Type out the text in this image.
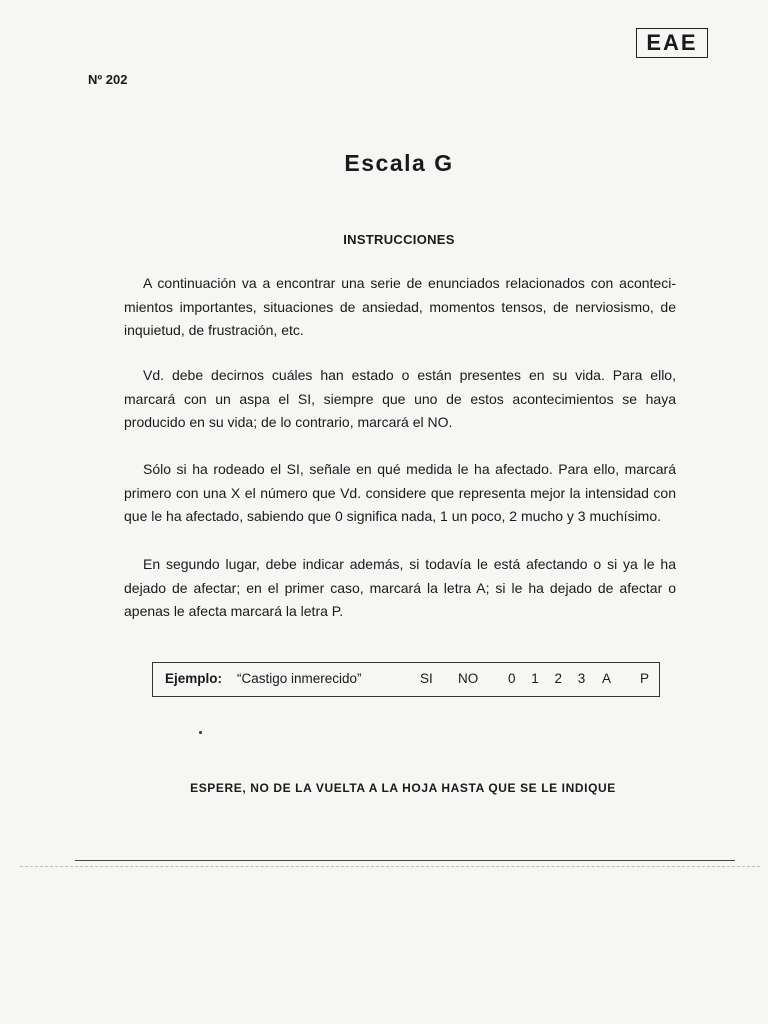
EAE
Nº 202
Escala G
INSTRUCCIONES

A continuación va a encontrar una serie de enunciados relacionados con aconteci-mientos importantes, situaciones de ansiedad, momentos tensos, de nerviosismo, de inquietud, de frustración, etc.

Vd. debe decirnos cuáles han estado o están presentes en su vida. Para ello, marcará con un aspa el SI, siempre que uno de estos acontecimientos se haya producido en su vida; de lo contrario, marcará el NO.

Sólo si ha rodeado el SI, señale en qué medida le ha afectado. Para ello, marcará primero con una X el número que Vd. considere que representa mejor la intensidad con que le ha afectado, sabiendo que 0 significa nada, 1 un poco, 2 mucho y 3 muchísimo.

En segundo lugar, debe indicar además, si todavía le está afectando o si ya le ha dejado de afectar; en el primer caso, marcará la letra A; si le ha dejado de afectar o apenas le afecta marcará la letra P.

Ejemplo: “Castigo inmerecido”	SI NO 0 1 2 3 A P
ESPERE, NO DE LA VUELTA A LA HOJA HASTA QUE SE LE INDIQUE
